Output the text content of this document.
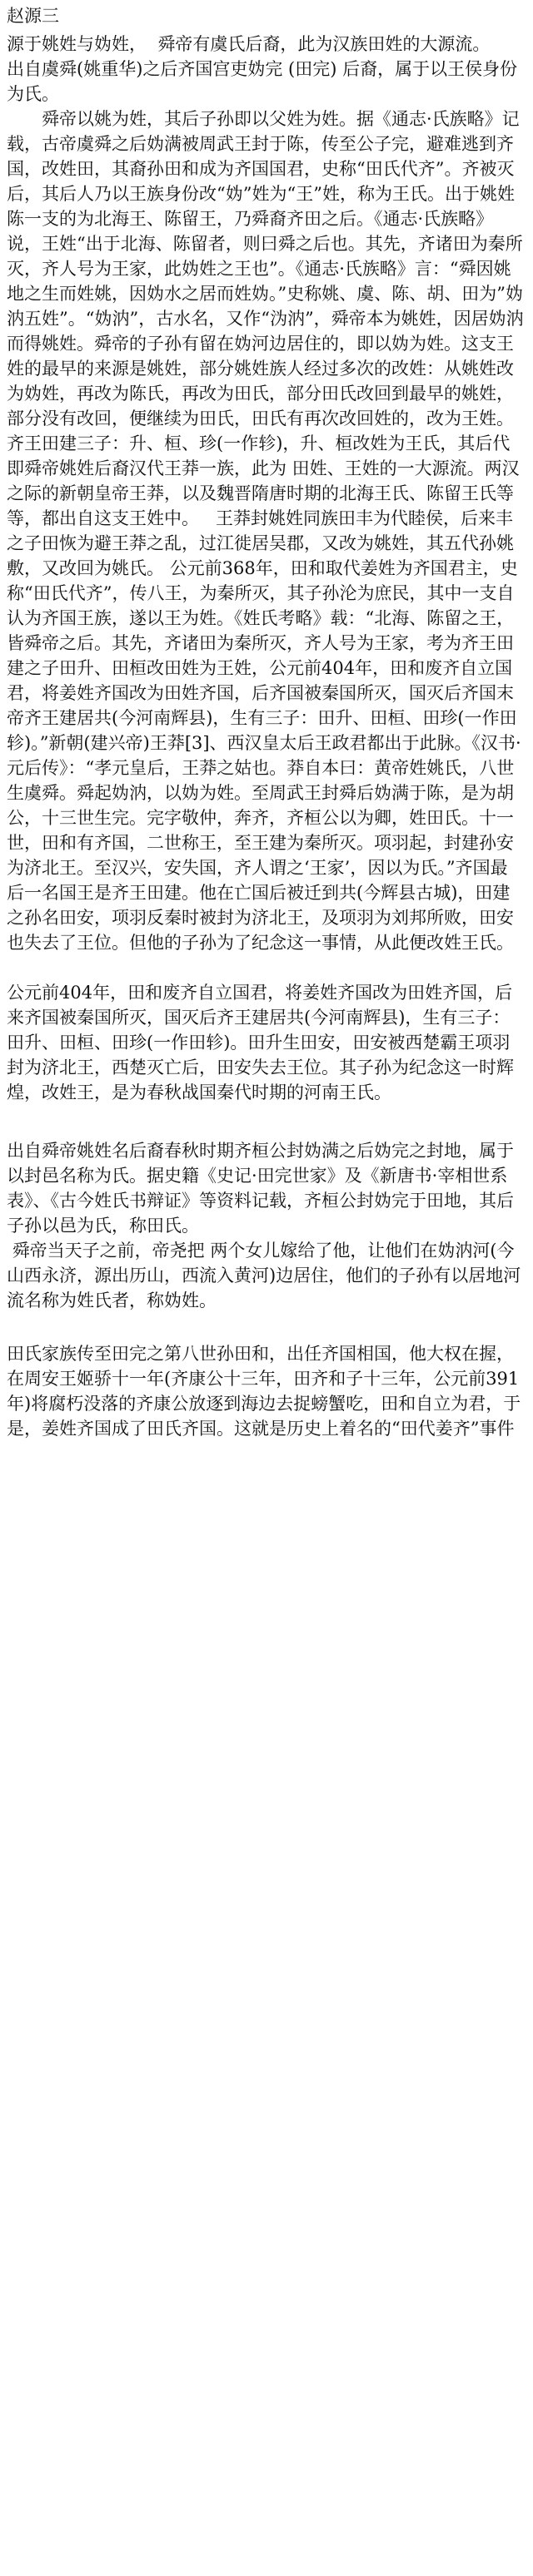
赵源三

源于姚姓与妫姓，  舜帝有虞氏后裔，此为汉族田姓的大源流。

出自虞舜(姚重华)之后齐国宫吏妫完 (田完) 后裔，属于以王侯身份为氏。

　　舜帝以姚为姓，其后子孙即以父姓为姓。据《通志·氏族略》记载，古帝虞舜之后妫满被周武王封于陈，传至公子完，避难逃到齐国，改姓田，其裔孙田和成为齐国国君，史称“田氏代齐”。齐被灭后，其后人乃以王族身份改“妫”姓为“王”姓，称为王氏。出于姚姓陈一支的为北海王、陈留王，乃舜裔齐田之后。《通志·氏族略》说，王姓“出于北海、陈留者，则曰舜之后也。其先，齐诸田为秦所灭，齐人号为王家，此妫姓之王也”。《通志·氏族略》言：“舜因姚地之生而姓姚，因妫水之居而姓妫。”史称姚、虞、陈、胡、田为”妫汭五姓”。“妫汭”，古水名，又作“沩汭”，舜帝本为姚姓，因居妫汭而得姚姓。舜帝的子孙有留在妫河边居住的，即以妫为姓。这支王姓的最早的来源是姚姓，部分姚姓族人经过多次的改姓：从姚姓改为妫姓，再改为陈氏，再改为田氏，部分田氏改回到最早的姚姓，部分没有改回，便继续为田氏，田氏有再次改回姓的，改为王姓。齐王田建三子：升、桓、珍(一作轸)，升、桓改姓为王氏，其后代即舜帝姚姓后裔汉代王莽一族，此为 田姓、王姓的一大源流。两汉之际的新朝皇帝王莽，以及魏晋隋唐时期的北海王氏、陈留王氏等等，都出自这支王姓中。   王莽封姚姓同族田丰为代睦侯，后来丰之子田恢为避王莽之乱，过江徙居吴郡，又改为姚姓，其五代孙姚敷，又改回为姚氏。 公元前368年，田和取代姜姓为齐国君主，史称“田氏代齐”，传八王，为秦所灭，其子孙沦为庶民，其中一支自认为齐国王族，遂以王为姓。《姓氏考略》载：“北海、陈留之王，皆舜帝之后。其先，齐诸田为秦所灭，齐人号为王家，考为齐王田建之子田升、田桓改田姓为王姓，公元前404年，田和废齐自立国君，将姜姓齐国改为田姓齐国，后齐国被秦国所灭，国灭后齐国末帝齐王建居共(今河南辉县)，生有三子：田升、田桓、田珍(一作田轸)。”新朝(建兴帝)王莽[3]、西汉皇太后王政君都出于此脉。《汉书·元后传》：“孝元皇后，王莽之姑也。莽自本曰：黄帝姓姚氏，八世生虞舜。舜起妫汭，以妫为姓。至周武王封舜后妫满于陈，是为胡公，十三世生完。完字敬仲，奔齐，齐桓公以为卿，姓田氏。十一世，田和有齐国，二世称王，至王建为秦所灭。项羽起，封建孙安为济北王。至汉兴，安失国，齐人谓之‘王家’，因以为氏。”齐国最后一名国王是齐王田建。他在亡国后被迁到共(今辉县古城)，田建之孙名田安，项羽反秦时被封为济北王，及项羽为刘邦所败，田安也失去了王位。但他的子孙为了纪念这一事情，从此便改姓王氏。

公元前404年，田和废齐自立国君，将姜姓齐国改为田姓齐国，后来齐国被秦国所灭，国灭后齐王建居共(今河南辉县)，生有三子：田升、田桓、田珍(一作田轸)。田升生田安，田安被西楚霸王项羽封为济北王，西楚灭亡后，田安失去王位。其子孙为纪念这一时辉煌，改姓王，是为春秋战国秦代时期的河南王氏。

出自舜帝姚姓名后裔春秋时期齐桓公封妫满之后妫完之封地，属于以封邑名称为氏。据史籍《史记·田完世家》及《新唐书·宰相世系表》、《古今姓氏书辩证》等资料记载，齐桓公封妫完于田地，其后子孙以邑为氏，称田氏。

舜帝当天子之前，帝尧把 两个女儿嫁给了他，让他们在妫汭河(今山西永济，源出历山，西流入黄河)边居住，他们的子孙有以居地河流名称为姓氏者，称妫姓。

田氏家族传至田完之第八世孙田和，出任齐国相国，他大权在握，在周安王姬骄十一年(齐康公十三年，田齐和子十三年，公元前391年)将腐朽没落的齐康公放逐到海边去捉螃蟹吃，田和自立为君，于是，姜姓齐国成了田氏齐国。这就是历史上着名的“田代姜齐”事件
